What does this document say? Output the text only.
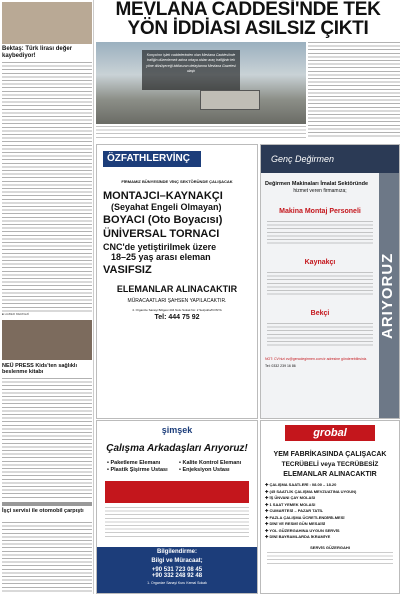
Bektaş: Türk lirası değer kaybediyor!
■ HABER MERKEZİ
NEÜ PRESS Kids'ten sağlıklı beslenme kitabı
İşçi servisi ile otomobil çarpıştı
MEVLANA CADDESİ'NDE TEK
YÖN İDDİASI ASILSIZ ÇIKTI
Konya'nın işlek caddelerinden olan Mevlana Caddesi'nde trafiğin düzenlemek adına ortaya atılan araç trafiğinin tek yöne dönüşeceği iddiasının detaylarına Mevlana Gazetesi ulaştı
ÖZFATHLERVİNÇ
FİRMAMIZ BÜNYESİNDE VİNÇ SEKTÖRÜNDE ÇALIŞACAK
MONTAJCI–KAYNAKÇI
(Seyahat Engeli Olmayan)
BOYACI (Oto Boyacısı)
ÜNİVERSAL TORNACI
CNC'de yetiştirilmek üzere
18–25 yaş arası eleman
VASIFSIZ
ELEMANLAR ALINACAKTIR
MÜRACAATLARI ŞAHSEN YAPILACAKTIR.
4. Organize Sanayi Bölgesi 404 Nolu Sokak No: 2 Selçuklu/KONYA
Tel: 444 75 92
Genç Değirmen
Değirmen Makinaları İmalat Sektöründe
hizmet veren firmamıza;
Makina Montaj Personeli
Kaynakçı
Bekçi
NOT: CV'nizi cv@gencdegirmen.com.tr adresine gönderebilirsiniz.
Tel: 0332 239 16 86
ARIYORUZ
şimşek
Çalışma Arkadaşları Arıyoruz!
• Paketleme Elemanı	• Kalite Kontrol Elemanı
• Plastik Şişirme Ustası	• Enjeksiyon Ustası
Bilgilendirme:
Bilgi ve Müracaat;
+90 531 723 08 45
+90 332 248 92 48
1. Organize Sanayi Kuru Kemal Sokak
grobal
YEM FABRİKASINDA ÇALIŞACAK
TECRÜBELİ veya TECRÜBESİZ
ELEMANLAR ALINACAKTIR
✚ ÇALIŞMA SAATLERİ : 08.00 – 18.20
✚ (45 SAATLİK ÇALIŞMA MEVZUATINA UYGUN)
✚ İŞ ÜNVANI ÇAY MOLASI
✚ 1 SAAT YEMEK MOLASI
✚ CUMARTESİ – PAZAR TATİL
✚ FAZLA ÇALIŞMA ÜCRETLENDİRİLMESİ
✚ DİNİ VE RESMİ GÜN MESAİSİ
✚ YOL GÜZERGAHINA UYGUN SERVİS
✚ DİNİ BAYRAMLARDA İKRAMİYE
SERVİS GÜZERGAHI
